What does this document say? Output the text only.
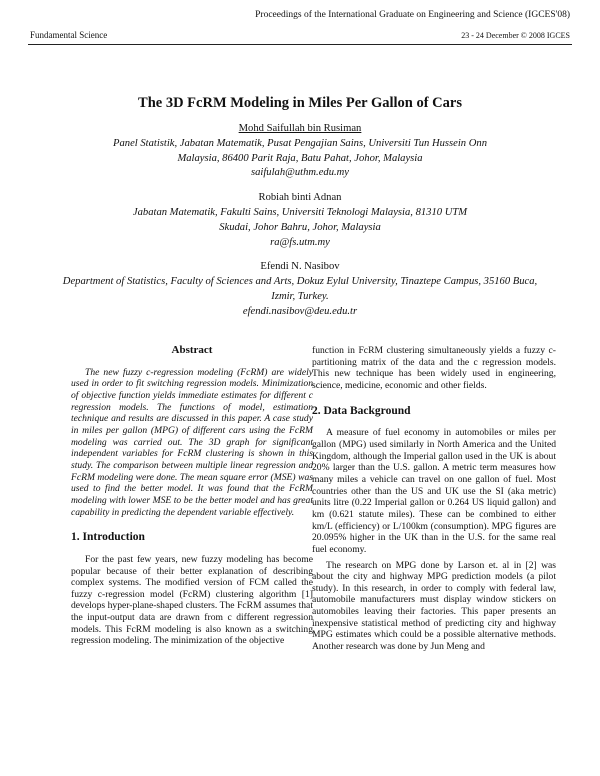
Fundamental Science
Proceedings of the International Graduate on Engineering and Science (IGCES'08)
23 - 24 December © 2008 IGCES
The 3D FcRM Modeling in Miles Per Gallon of Cars
Mohd Saifullah bin Rusiman
Panel Statistik, Jabatan Matematik, Pusat Pengajian Sains, Universiti Tun Hussein Onn Malaysia, 86400 Parit Raja, Batu Pahat, Johor, Malaysia
saifulah@uthm.edu.my
Robiah binti Adnan
Jabatan Matematik, Fakulti Sains, Universiti Teknologi Malaysia, 81310 UTM Skudai, Johor Bahru, Johor, Malaysia
ra@fs.utm.my
Efendi N. Nasibov
Department of Statistics, Faculty of Sciences and Arts, Dokuz Eylul University, Tinaztepe Campus, 35160 Buca, Izmir, Turkey.
efendi.nasibov@deu.edu.tr
Abstract

The new fuzzy c-regression modeling (FcRM) are widely used in order to fit switching regression models. Minimization of objective function yields immediate estimates for different c regression models. The functions of model, estimation technique and results are discussed in this paper. A case study in miles per gallon (MPG) of different cars using the FcRM modeling was carried out. The 3D graph for significant independent variables for FcRM clustering is shown in this study. The comparison between multiple linear regression and FcRM modeling were done. The mean square error (MSE) was used to find the better model. It was found that the FcRM modeling with lower MSE to be the better model and has great capability in predicting the dependent variable effectively.

1. Introduction

For the past few years, new fuzzy modeling has become popular because of their better explanation of describing complex systems. The modified version of FCM called the fuzzy c-regression model (FcRM) clustering algorithm [1] develops hyper-plane-shaped clusters. The FcRM assumes that the input-output data are drawn from c different regression models. This FcRM modeling is also known as a switching regression modeling. The minimization of the objective

function in FcRM clustering simultaneously yields a fuzzy c-partitioning matrix of the data and the c regression models. This new technique has been widely used in engineering, science, medicine, economic and other fields.

2. Data Background

A measure of fuel economy in automobiles or miles per gallon (MPG) used similarly in North America and the United Kingdom, although the Imperial gallon used in the UK is about 20% larger than the U.S. gallon. A metric term measures how many miles a vehicle can travel on one gallon of fuel. Most countries other than the US and UK use the SI (aka metric) units litre (0.22 Imperial gallon or 0.264 US liquid gallon) and km (0.621 statute miles). These can be combined to either km/L (efficiency) or L/100km (consumption). MPG figures are 20.095% higher in the UK than in the U.S. for the same real fuel economy.

The research on MPG done by Larson et. al in [2] was about the city and highway MPG prediction models (a pilot study). In this research, in order to comply with federal law, automobile manufacturers must display window stickers on automobiles leaving their factories. This paper presents an inexpensive statistical method of predicting city and highway MPG estimates which could be a possible alternative methods. Another research was done by Jun Meng and
